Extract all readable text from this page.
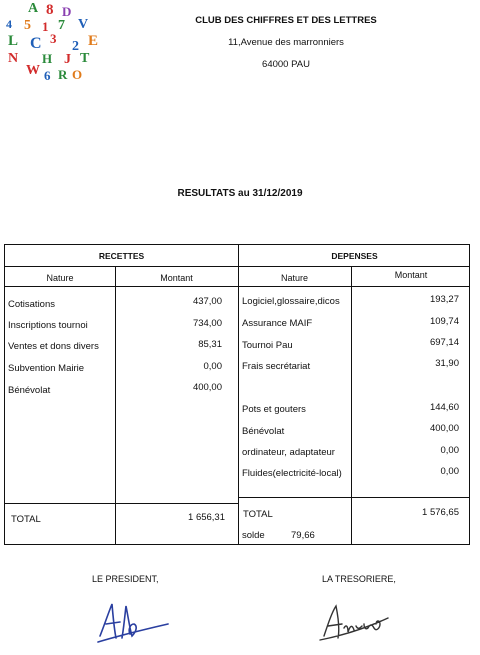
A 8 D
4 5 1 7 V
L C 3 E
N H
2
J T
W 6 R O
CLUB DES CHIFFRES ET DES LETTRES
11,Avenue des marronniers
64000 PAU
RESULTATS au 31/12/2019
RECETTES	DEPENSES
Nature	Montant	Nature	Montant
Cotisations	437,00
Inscriptions tournoi	734,00
Ventes et dons divers	85,31
Subvention Mairie	0,00
Bénévolat	400,00
Logiciel,glossaire,dicos	193,27
Assurance MAIF	109,74
Tournoi Pau	697,14
Frais secrétariat	31,90
Pots et gouters	144,60
Bénévolat	400,00
ordinateur, adaptateur	0,00
Fluides(electricité-local)	0,00
TOTAL	1 656,31 TOTAL	1 576,65
solde	79,66
LE PRESIDENT,	LA TRESORIERE,
